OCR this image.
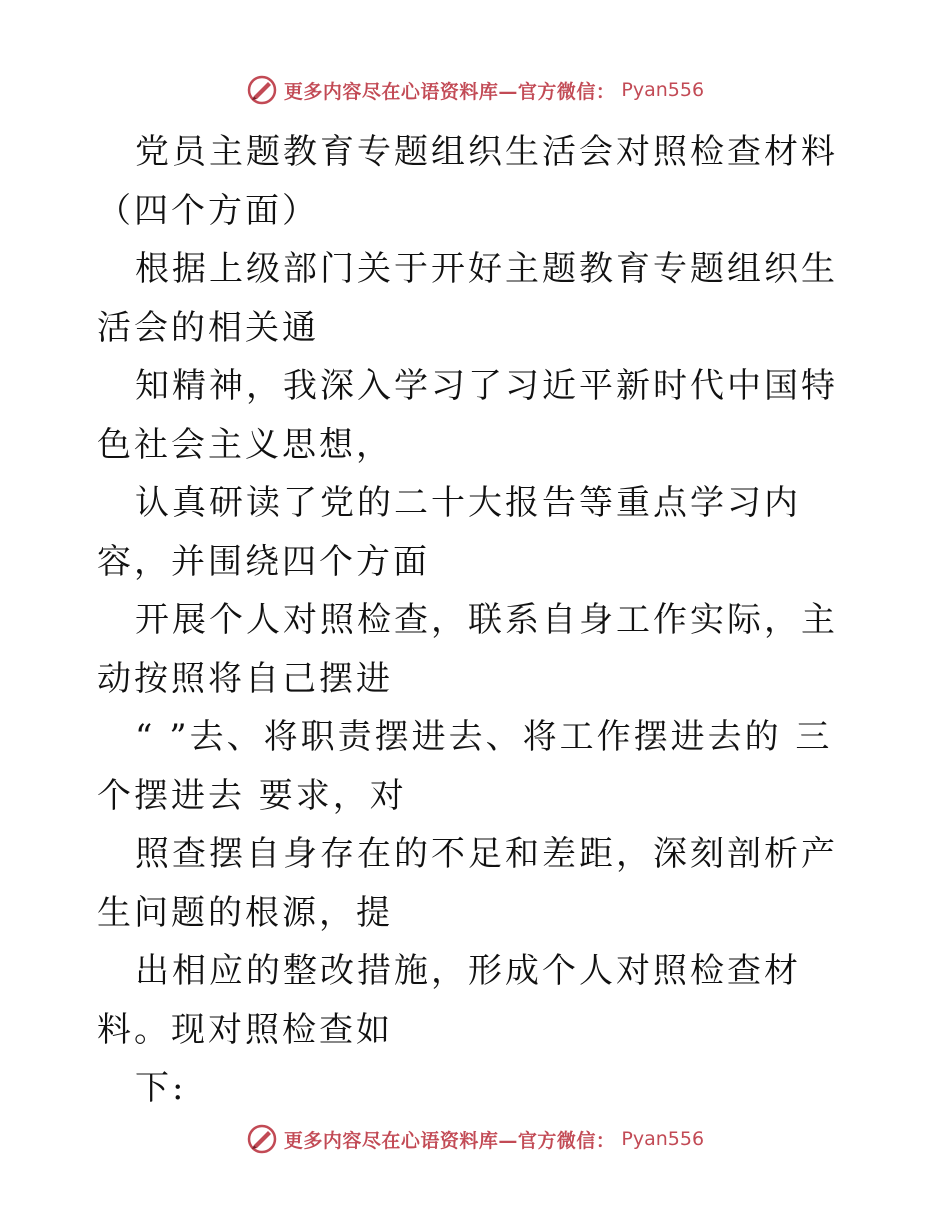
更多内容尽在心语资料库—官方微信： Pyan556

党员主题教育专题组织生活会对照检查材料（四个方面）

根据上级部门关于开好主题教育专题组织生活会的相关通

知精神，我深入学习了习近平新时代中国特色社会主义思想，

认真研读了党的二十大报告等重点学习内容，并围绕四个方面

开展个人对照检查，联系自身工作实际，主动按照将自己摆进

“ ”去、将职责摆进去、将工作摆进去的 三个摆进去 要求，对

照查摆自身存在的不足和差距，深刻剖析产生问题的根源，提

出相应的整改措施，形成个人对照检查材料。现对照检查如

下:

更多内容尽在心语资料库—官方微信： Pyan556
